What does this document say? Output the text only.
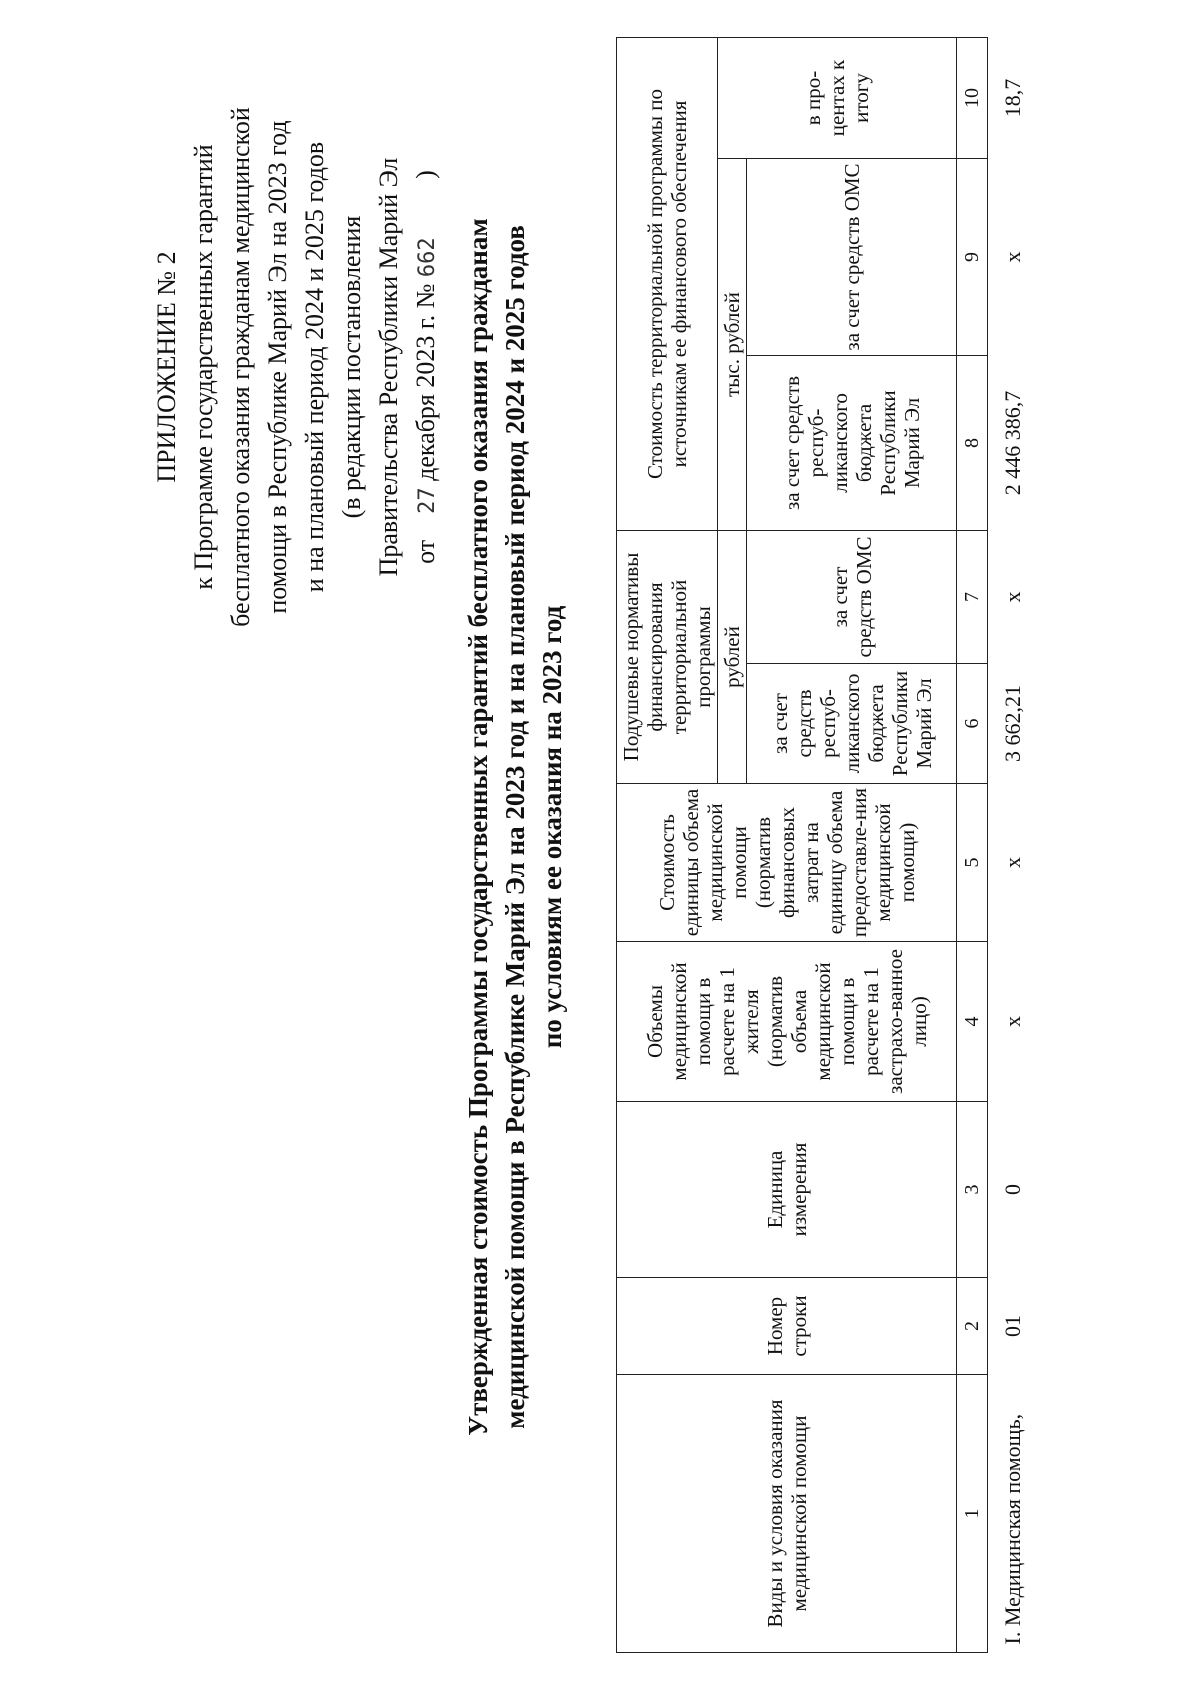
ПРИЛОЖЕНИЕ № 2 к Программе государственных гарантий бесплатного оказания гражданам медицинской помощи в Республике Марий Эл на 2023 год и на плановый период 2024 и 2025 годов (в редакции постановления Правительства Республики Марий Эл от    27 декабря 2023 г. № 662         )
Утвержденная стоимость Программы государственных гарантий бесплатного оказания гражданам медицинской помощи в Республике Марий Эл на 2023 год и на плановый период 2024 и 2025 годов по условиям ее оказания на 2023 год
Виды и условия оказания медицинской помощи	Номер строки	Единица измерения	Объемы медицинской помощи в расчете на 1 жителя (норматив объема медицинской помощи в расчете на 1 застрахо-ванное лицо)	Стоимость единицы объема медицинской помощи (норматив финансовых затрат на единицу объема предоставле-ния медицинской помощи)	Подушевые нормативы финансирования территориальной программы		Стоимость территориальной программы по источникам ее финансового обеспечения		
					рублей		тыс. рублей		в про-центах к итогу
					за счет средств респуб-ликанского бюджета Республики Марий Эл	за счет средств ОМС	за счет средств респуб-ликанского бюджета Республики Марий Эл	за счет средств ОМС	
1	2	3	4	5	6	7	8	9	10
I. Медицинская помощь,	01	0	х	х	3 662,21	х	2 446 386,7	х	18,7
